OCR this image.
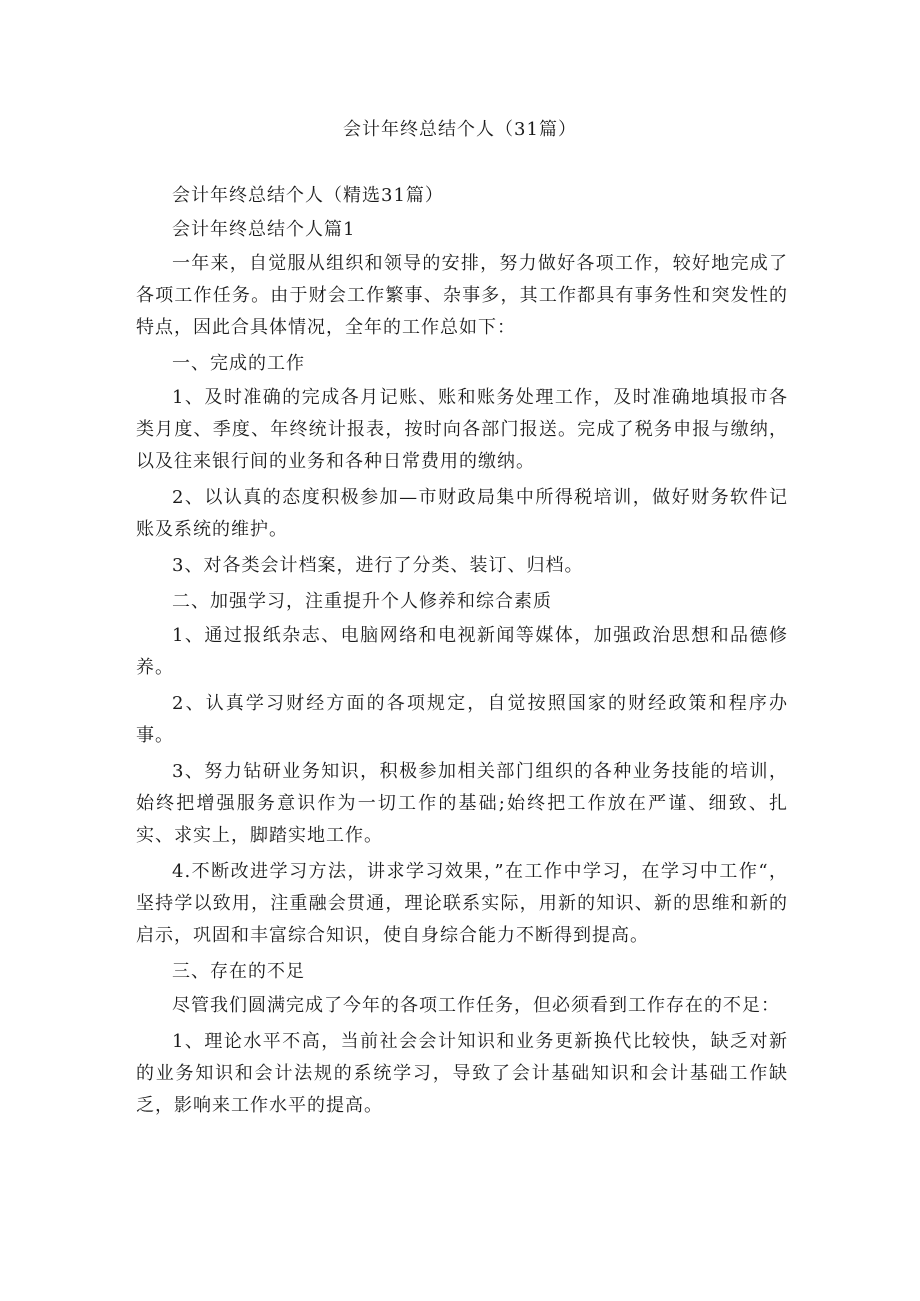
会计年终总结个人（31篇）

会计年终总结个人（精选31篇）

会计年终总结个人篇1

一年来，自觉服从组织和领导的安排，努力做好各项工作，较好地完成了各项工作任务。由于财会工作繁事、杂事多，其工作都具有事务性和突发性的特点，因此合具体情况，全年的工作总如下：

一、完成的工作

1、及时准确的完成各月记账、账和账务处理工作，及时准确地填报市各类月度、季度、年终统计报表，按时向各部门报送。完成了税务申报与缴纳，以及往来银行间的业务和各种日常费用的缴纳。

2、以认真的态度积极参加—市财政局集中所得税培训，做好财务软件记账及系统的维护。

3、对各类会计档案，进行了分类、装订、归档。

二、加强学习，注重提升个人修养和综合素质

1、通过报纸杂志、电脑网络和电视新闻等媒体，加强政治思想和品德修养。

2、认真学习财经方面的各项规定，自觉按照国家的财经政策和程序办事。

3、努力钻研业务知识，积极参加相关部门组织的各种业务技能的培训，始终把增强服务意识作为一切工作的基础;始终把工作放在严谨、细致、扎实、求实上，脚踏实地工作。

4.不断改进学习方法，讲求学习效果，”在工作中学习，在学习中工作“，坚持学以致用，注重融会贯通，理论联系实际，用新的知识、新的思维和新的启示，巩固和丰富综合知识，使自身综合能力不断得到提高。

三、存在的不足

尽管我们圆满完成了今年的各项工作任务，但必须看到工作存在的不足：

1、理论水平不高，当前社会会计知识和业务更新换代比较快，缺乏对新的业务知识和会计法规的系统学习，导致了会计基础知识和会计基础工作缺乏，影响来工作水平的提高。
